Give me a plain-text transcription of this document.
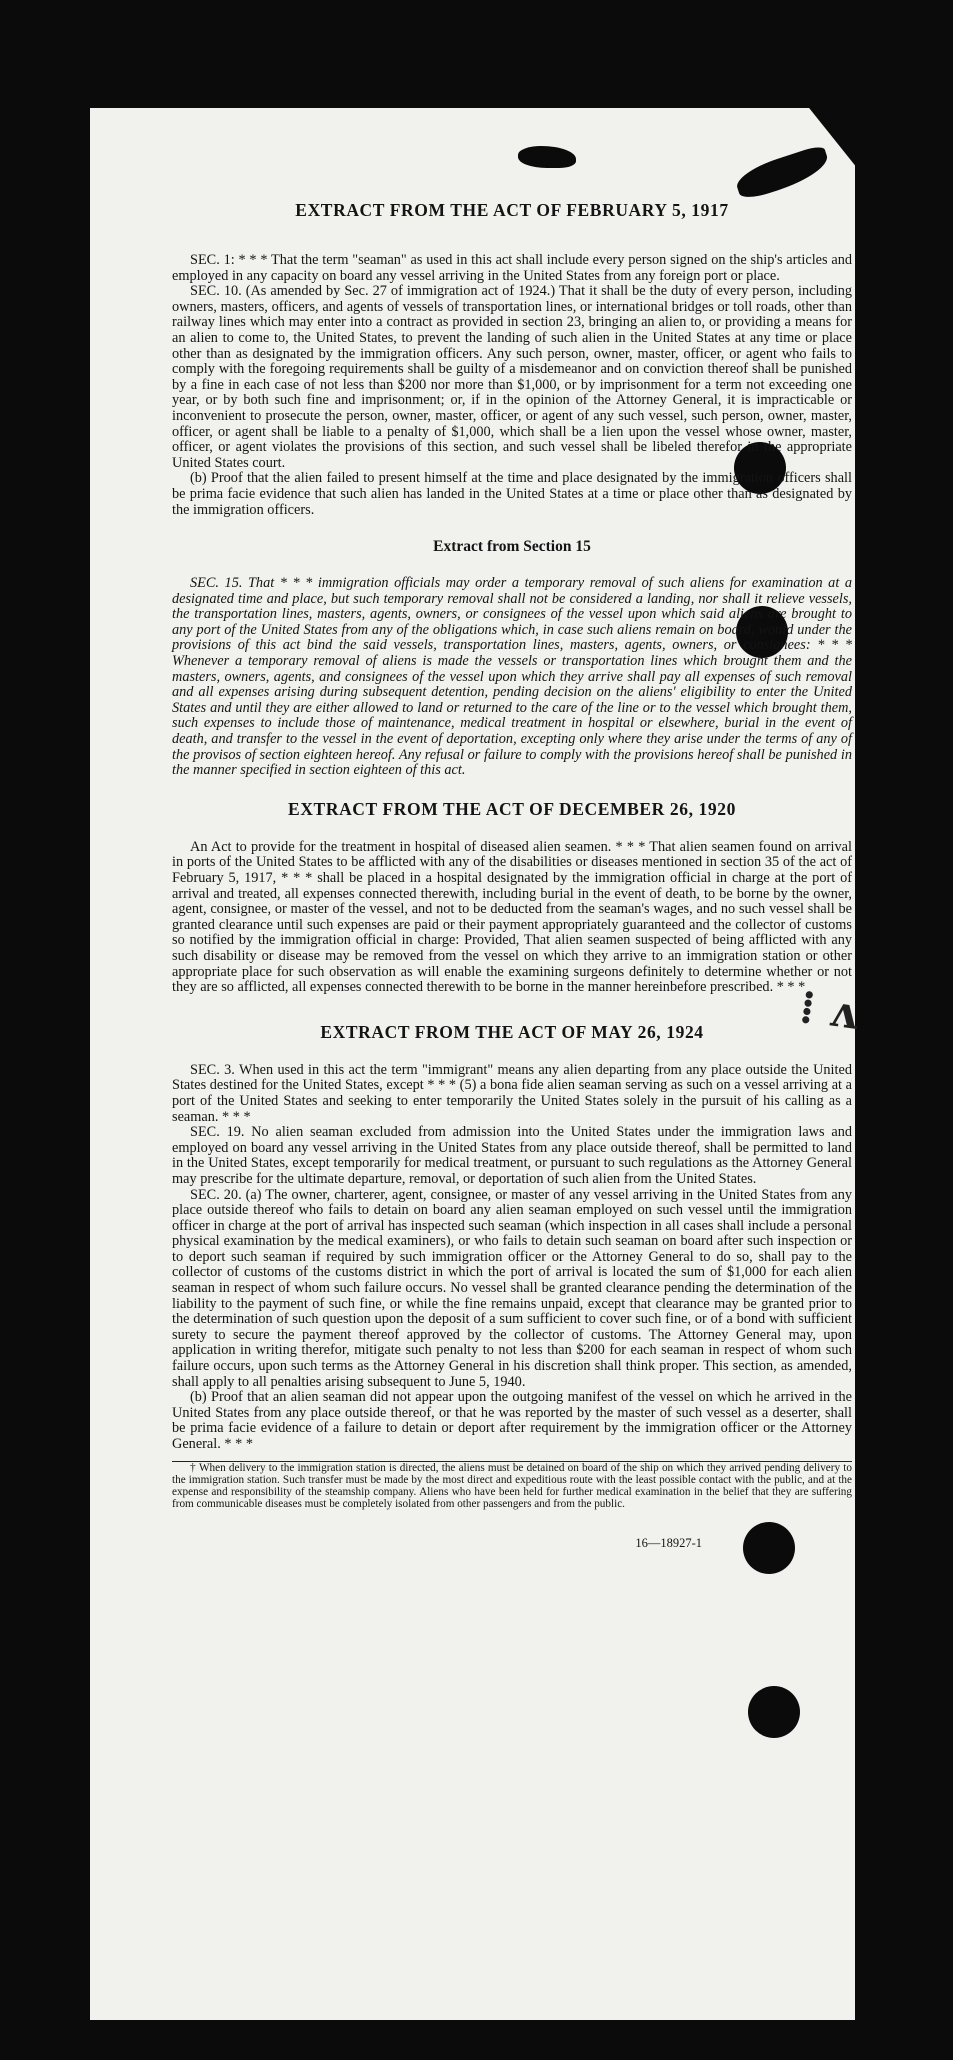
⁞ ᴧ
EXTRACT FROM THE ACT OF FEBRUARY 5, 1917

SEC. 1: * * * That the term "seaman" as used in this act shall include every person signed on the ship's articles and employed in any capacity on board any vessel arriving in the United States from any foreign port or place.

SEC. 10. (As amended by Sec. 27 of immigration act of 1924.) That it shall be the duty of every person, including owners, masters, officers, and agents of vessels of transportation lines, or international bridges or toll roads, other than railway lines which may enter into a contract as provided in section 23, bringing an alien to, or providing a means for an alien to come to, the United States, to prevent the landing of such alien in the United States at any time or place other than as designated by the immigration officers. Any such person, owner, master, officer, or agent who fails to comply with the foregoing requirements shall be guilty of a misdemeanor and on conviction thereof shall be punished by a fine in each case of not less than $200 nor more than $1,000, or by imprisonment for a term not exceeding one year, or by both such fine and imprisonment; or, if in the opinion of the Attorney General, it is impracticable or inconvenient to prosecute the person, owner, master, officer, or agent of any such vessel, such person, owner, master, officer, or agent shall be liable to a penalty of $1,000, which shall be a lien upon the vessel whose owner, master, officer, or agent violates the provisions of this section, and such vessel shall be libeled therefor in the appropriate United States court.

(b) Proof that the alien failed to present himself at the time and place designated by the immigration officers shall be prima facie evidence that such alien has landed in the United States at a time or place other than as designated by the immigration officers.

Extract from Section 15

SEC. 15. That * * * immigration officials may order a temporary removal of such aliens for examination at a designated time and place, but such temporary removal shall not be considered a landing, nor shall it relieve vessels, the transportation lines, masters, agents, owners, or consignees of the vessel upon which said aliens are brought to any port of the United States from any of the obligations which, in case such aliens remain on board, would under the provisions of this act bind the said vessels, transportation lines, masters, agents, owners, or consignees: * * * Whenever a temporary removal of aliens is made the vessels or transportation lines which brought them and the masters, owners, agents, and consignees of the vessel upon which they arrive shall pay all expenses of such removal and all expenses arising during subsequent detention, pending decision on the aliens' eligibility to enter the United States and until they are either allowed to land or returned to the care of the line or to the vessel which brought them, such expenses to include those of maintenance, medical treatment in hospital or elsewhere, burial in the event of death, and transfer to the vessel in the event of deportation, excepting only where they arise under the terms of any of the provisos of section eighteen hereof. Any refusal or failure to comply with the provisions hereof shall be punished in the manner specified in section eighteen of this act.

EXTRACT FROM THE ACT OF DECEMBER 26, 1920

An Act to provide for the treatment in hospital of diseased alien seamen. * * * That alien seamen found on arrival in ports of the United States to be afflicted with any of the disabilities or diseases mentioned in section 35 of the act of February 5, 1917, * * * shall be placed in a hospital designated by the immigration official in charge at the port of arrival and treated, all expenses connected therewith, including burial in the event of death, to be borne by the owner, agent, consignee, or master of the vessel, and not to be deducted from the seaman's wages, and no such vessel shall be granted clearance until such expenses are paid or their payment appropriately guaranteed and the collector of customs so notified by the immigration official in charge: Provided, That alien seamen suspected of being afflicted with any such disability or disease may be removed from the vessel on which they arrive to an immigration station or other appropriate place for such observation as will enable the examining surgeons definitely to determine whether or not they are so afflicted, all expenses connected therewith to be borne in the manner hereinbefore prescribed. * * *

EXTRACT FROM THE ACT OF MAY 26, 1924

SEC. 3. When used in this act the term "immigrant" means any alien departing from any place outside the United States destined for the United States, except * * * (5) a bona fide alien seaman serving as such on a vessel arriving at a port of the United States and seeking to enter temporarily the United States solely in the pursuit of his calling as a seaman. * * *

SEC. 19. No alien seaman excluded from admission into the United States under the immigration laws and employed on board any vessel arriving in the United States from any place outside thereof, shall be permitted to land in the United States, except temporarily for medical treatment, or pursuant to such regulations as the Attorney General may prescribe for the ultimate departure, removal, or deportation of such alien from the United States.

SEC. 20. (a) The owner, charterer, agent, consignee, or master of any vessel arriving in the United States from any place outside thereof who fails to detain on board any alien seaman employed on such vessel until the immigration officer in charge at the port of arrival has inspected such seaman (which inspection in all cases shall include a personal physical examination by the medical examiners), or who fails to detain such seaman on board after such inspection or to deport such seaman if required by such immigration officer or the Attorney General to do so, shall pay to the collector of customs of the customs district in which the port of arrival is located the sum of $1,000 for each alien seaman in respect of whom such failure occurs. No vessel shall be granted clearance pending the determination of the liability to the payment of such fine, or while the fine remains unpaid, except that clearance may be granted prior to the determination of such question upon the deposit of a sum sufficient to cover such fine, or of a bond with sufficient surety to secure the payment thereof approved by the collector of customs. The Attorney General may, upon application in writing therefor, mitigate such penalty to not less than $200 for each seaman in respect of whom such failure occurs, upon such terms as the Attorney General in his discretion shall think proper. This section, as amended, shall apply to all penalties arising subsequent to June 5, 1940.

(b) Proof that an alien seaman did not appear upon the outgoing manifest of the vessel on which he arrived in the United States from any place outside thereof, or that he was reported by the master of such vessel as a deserter, shall be prima facie evidence of a failure to detain or deport after requirement by the immigration officer or the Attorney General. * * *

† When delivery to the immigration station is directed, the aliens must be detained on board of the ship on which they arrived pending delivery to the immigration station. Such transfer must be made by the most direct and expeditious route with the least possible contact with the public, and at the expense and responsibility of the steamship company. Aliens who have been held for further medical examination in the belief that they are suffering from communicable diseases must be completely isolated from other passengers and from the public.

16—18927-1
